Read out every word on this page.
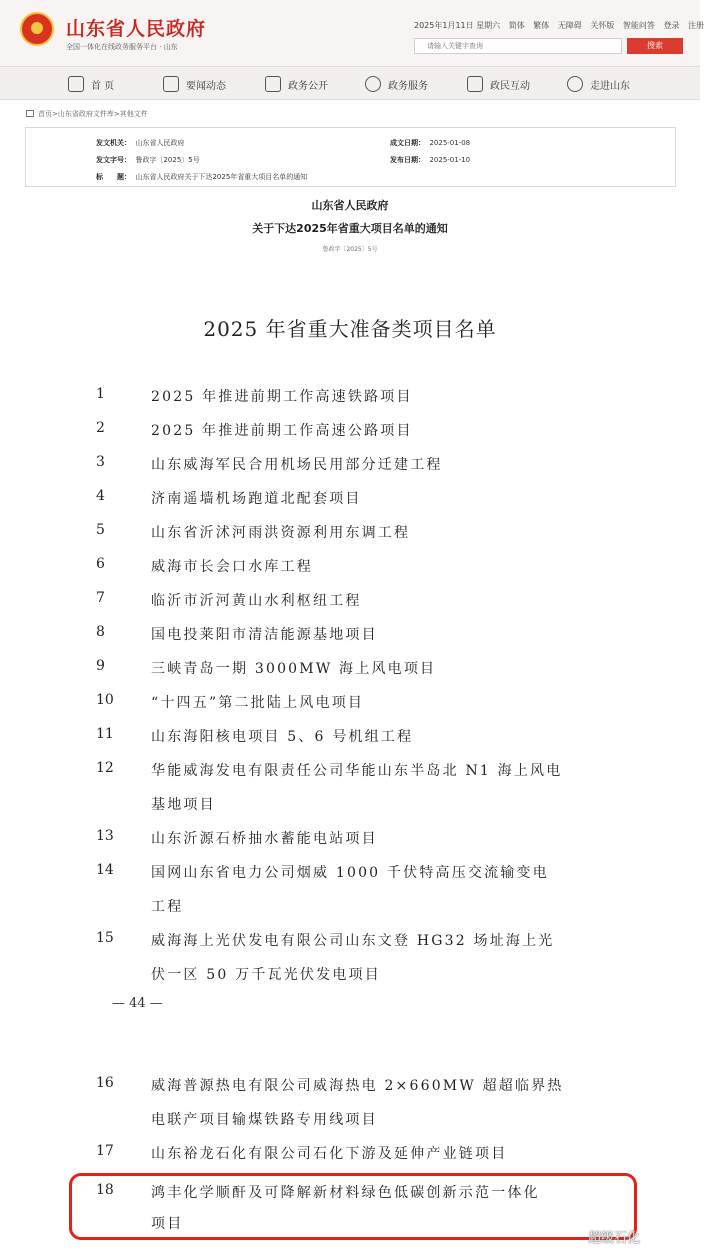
山东省人民政府
全国一体化在线政务服务平台 · 山东
2025年1月11日 星期六 简体 繁体 无障碍 关怀版 智能问答 登录 注册
请输入关键字查询
搜索
首 页	要闻动态	政务公开	政务服务	政民互动	走进山东
首页>山东省政府文件库>其他文件
发文机关： 山东省人民政府	成文日期： 2025-01-08
发文字号： 鲁政字〔2025〕5号	发布日期： 2025-01-10
标　　题： 山东省人民政府关于下达2025年省重大项目名单的通知
山东省人民政府
关于下达2025年省重大项目名单的通知
鲁政字〔2025〕5号
2025 年省重大准备类项目名单
1	2025 年推进前期工作高速铁路项目
2	2025 年推进前期工作高速公路项目
3	山东威海军民合用机场民用部分迁建工程
4	济南遥墙机场跑道北配套项目
5	山东省沂沭河雨洪资源利用东调工程
6	威海市长会口水库工程
7	临沂市沂河黄山水利枢纽工程
8	国电投莱阳市清洁能源基地项目
9	三峡青岛一期 3000MW 海上风电项目
10	“十四五”第二批陆上风电项目
11	山东海阳核电项目 5、6 号机组工程
12	华能威海发电有限责任公司华能山东半岛北 N1 海上风电
基地项目
13	山东沂源石桥抽水蓄能电站项目
14	国网山东省电力公司烟威 1000 千伏特高压交流输变电
工程
15	威海海上光伏发电有限公司山东文登 HG32 场址海上光
伏一区 50 万千瓦光伏发电项目
— 44 —
16	威海普源热电有限公司威海热电 2×660MW 超超临界热
电联产项目输煤铁路专用线项目
17	山东裕龙石化有限公司石化下游及延伸产业链项目
18	鸿丰化学顺酐及可降解新材料绿色低碳创新示范一体化
项目
超级石化
